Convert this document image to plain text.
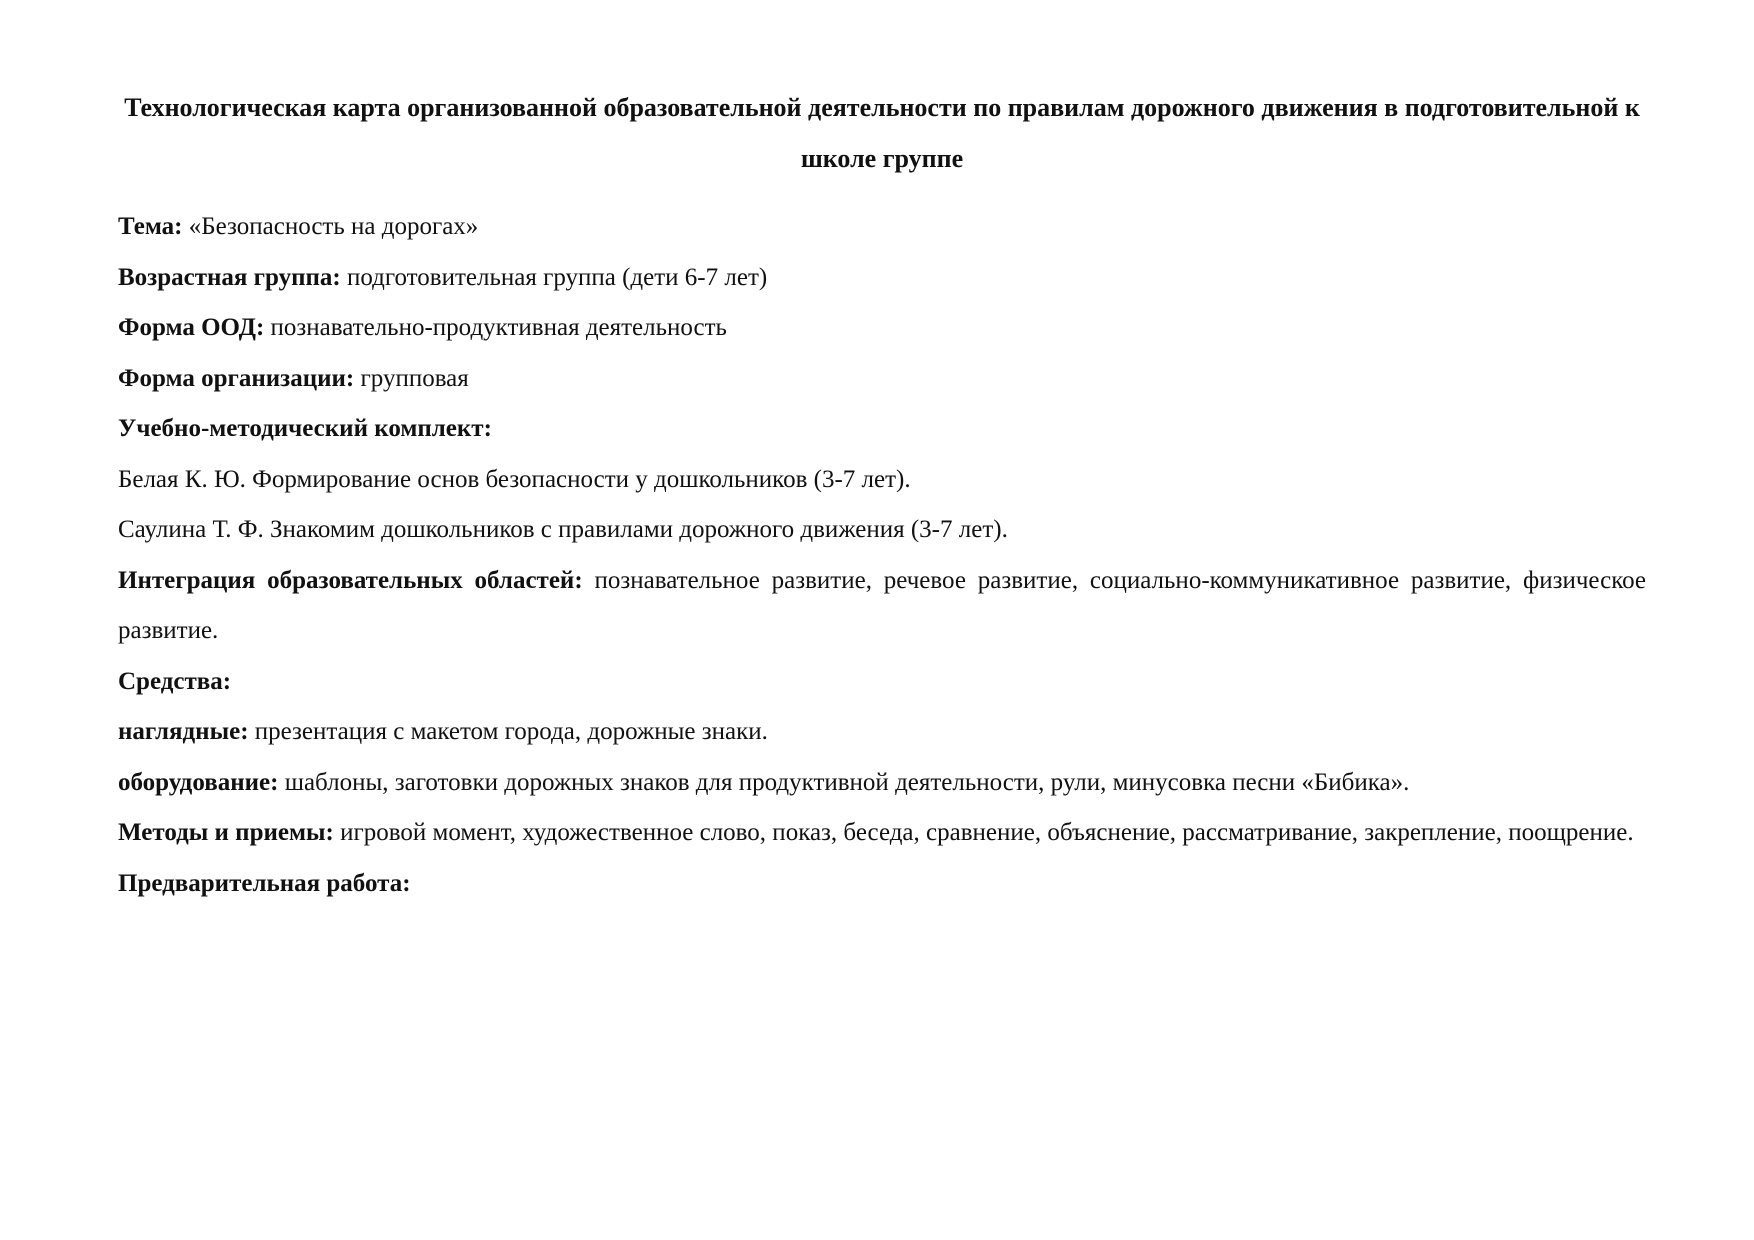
Технологическая карта организованной образовательной деятельности по правилам дорожного движения в подготовительной к школе группе

Тема: «Безопасность на дорогах»

Возрастная группа: подготовительная группа (дети 6-7 лет)

Форма ООД: познавательно-продуктивная деятельность

Форма организации: групповая

Учебно-методический комплект:

Белая К. Ю. Формирование основ безопасности у дошкольников (3-7 лет).

Саулина Т. Ф. Знакомим дошкольников с правилами дорожного движения (3-7 лет).

Интеграция образовательных областей: познавательное развитие, речевое развитие, социально-коммуникативное развитие, физическое развитие.

Средства:

наглядные: презентация с макетом города, дорожные знаки.

оборудование: шаблоны, заготовки дорожных знаков для продуктивной деятельности, рули, минусовка песни «Бибика».

Методы и приемы: игровой момент, художественное слово, показ, беседа, сравнение, объяснение, рассматривание, закрепление, поощрение.

Предварительная работа:
